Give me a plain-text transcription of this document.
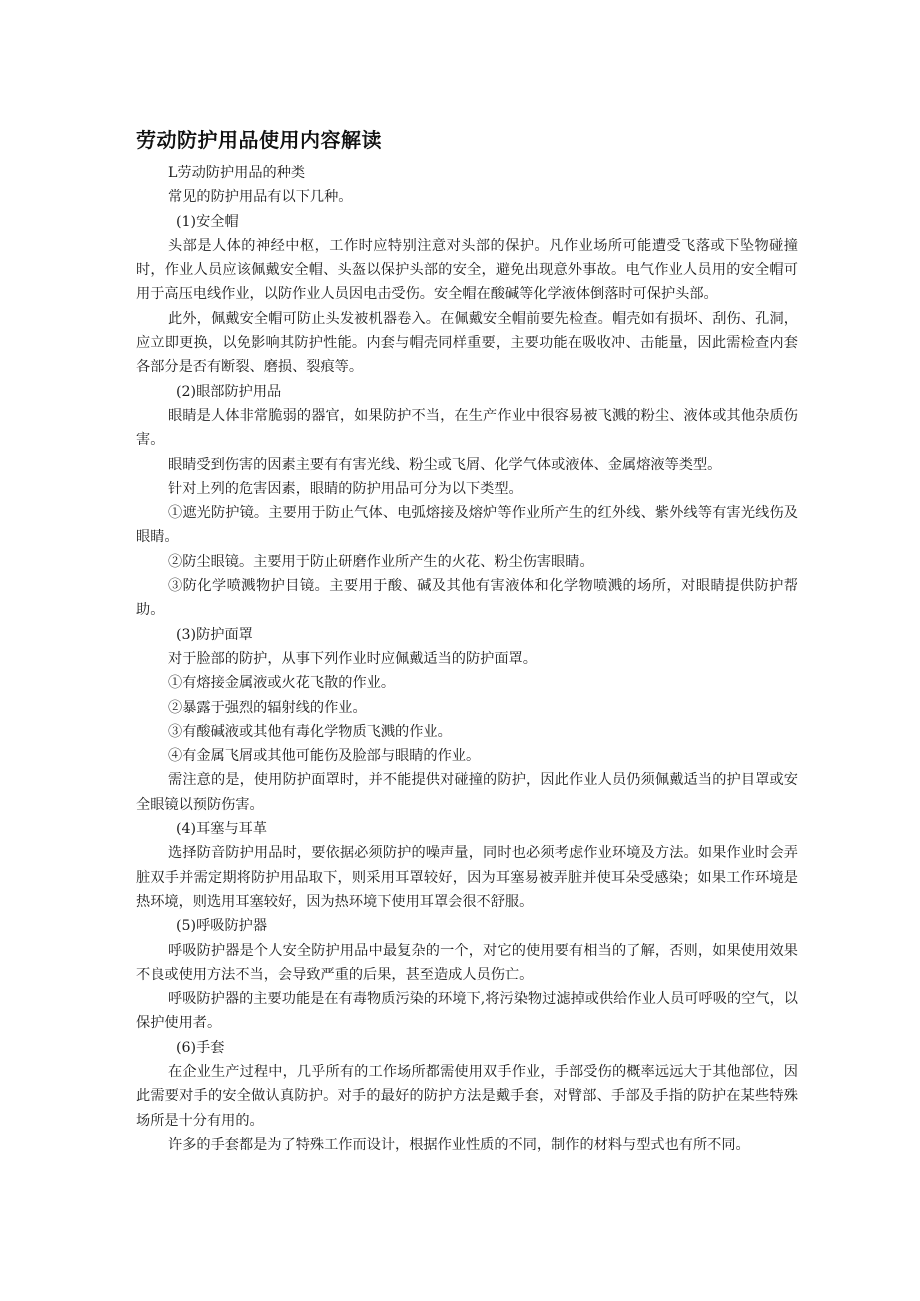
劳动防护用品使用内容解读

L劳动防护用品的种类

常见的防护用品有以下几种。

(1)安全帽

头部是人体的神经中枢，工作时应特别注意对头部的保护。凡作业场所可能遭受飞落或下坠物碰撞时，作业人员应该佩戴安全帽、头盔以保护头部的安全，避免出现意外事故。电气作业人员用的安全帽可用于高压电线作业，以防作业人员因电击受伤。安全帽在酸碱等化学液体倒落时可保护头部。

此外，佩戴安全帽可防止头发被机器卷入。在佩戴安全帽前要先检查。帽壳如有损坏、刮伤、孔洞，应立即更换，以免影响其防护性能。内套与帽壳同样重要，主要功能在吸收冲、击能量，因此需检查内套各部分是否有断裂、磨损、裂痕等。

(2)眼部防护用品

眼睛是人体非常脆弱的器官，如果防护不当，在生产作业中很容易被飞溅的粉尘、液体或其他杂质伤害。

眼睛受到伤害的因素主要有有害光线、粉尘或飞屑、化学气体或液体、金属熔液等类型。

针对上列的危害因素，眼睛的防护用品可分为以下类型。

①遮光防护镜。主要用于防止气体、电弧熔接及熔炉等作业所产生的红外线、紫外线等有害光线伤及眼睛。

②防尘眼镜。主要用于防止研磨作业所产生的火花、粉尘伤害眼睛。

③防化学喷溅物护目镜。主要用于酸、碱及其他有害液体和化学物喷溅的场所，对眼睛提供防护帮助。

(3)防护面罩

对于脸部的防护，从事下列作业时应佩戴适当的防护面罩。

①有熔接金属液或火花飞散的作业。

②暴露于强烈的辐射线的作业。

③有酸碱液或其他有毒化学物质飞溅的作业。

④有金属飞屑或其他可能伤及脸部与眼睛的作业。

需注意的是，使用防护面罩时，并不能提供对碰撞的防护，因此作业人员仍须佩戴适当的护目罩或安全眼镜以预防伤害。

(4)耳塞与耳革

选择防音防护用品时，要依据必须防护的噪声量，同时也必须考虑作业环境及方法。如果作业时会弄脏双手并需定期将防护用品取下，则采用耳罩较好，因为耳塞易被弄脏并使耳朵受感染；如果工作环境是热环境，则选用耳塞较好，因为热环境下使用耳罩会很不舒服。

(5)呼吸防护器

呼吸防护器是个人安全防护用品中最复杂的一个，对它的使用要有相当的了解，否则，如果使用效果不良或使用方法不当，会导致严重的后果，甚至造成人员伤亡。

呼吸防护器的主要功能是在有毒物质污染的环境下,将污染物过滤掉或供给作业人员可呼吸的空气，以保护使用者。

(6)手套

在企业生产过程中，几乎所有的工作场所都需使用双手作业，手部受伤的概率远远大于其他部位，因此需要对手的安全做认真防护。对手的最好的防护方法是戴手套，对臂部、手部及手指的防护在某些特殊场所是十分有用的。

许多的手套都是为了特殊工作而设计，根据作业性质的不同，制作的材料与型式也有所不同。
